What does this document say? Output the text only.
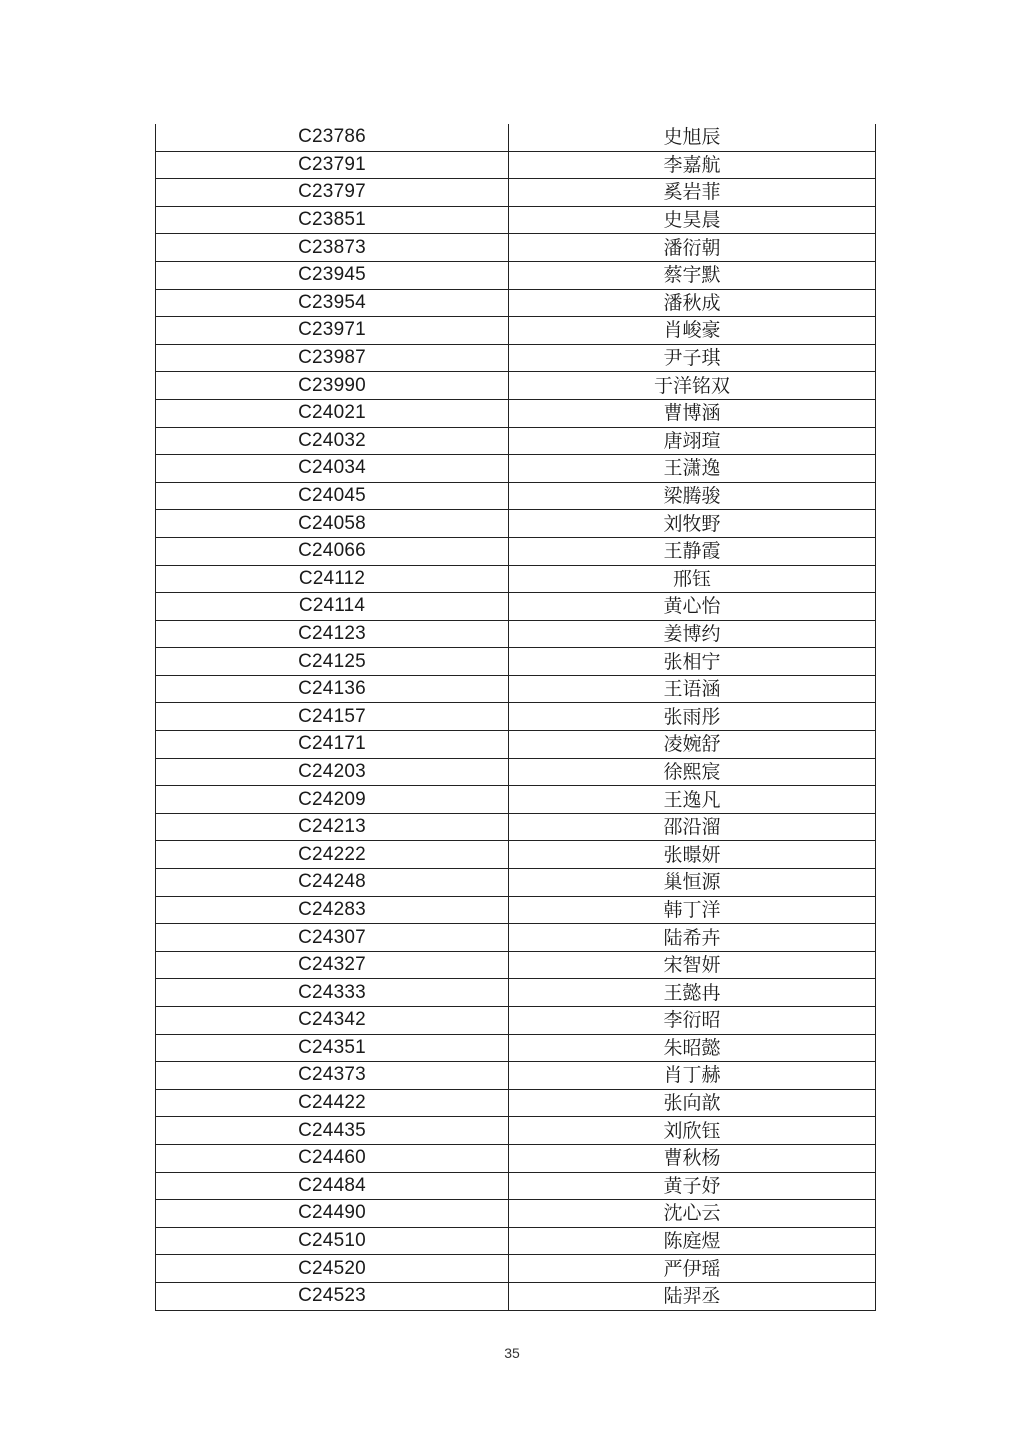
C23786	史旭辰
C23791	李嘉航
C23797	奚岩菲
C23851	史昊晨
C23873	潘衍朝
C23945	蔡宇默
C23954	潘秋成
C23971	肖峻豪
C23987	尹子琪
C23990	于洋铭双
C24021	曹博涵
C24032	唐翊瑄
C24034	王潇逸
C24045	梁腾骏
C24058	刘牧野
C24066	王静霞
C24112	邢钰
C24114	黄心怡
C24123	姜博约
C24125	张相宁
C24136	王语涵
C24157	张雨彤
C24171	凌婉舒
C24203	徐熙宸
C24209	王逸凡
C24213	邵沿溜
C24222	张暻妍
C24248	巢恒源
C24283	韩丁洋
C24307	陆希卉
C24327	宋智妍
C24333	王懿冉
C24342	李衍昭
C24351	朱昭懿
C24373	肖丁赫
C24422	张向歆
C24435	刘欣钰
C24460	曹秋杨
C24484	黄子妤
C24490	沈心云
C24510	陈庭煜
C24520	严伊瑶
C24523	陆羿丞
35
